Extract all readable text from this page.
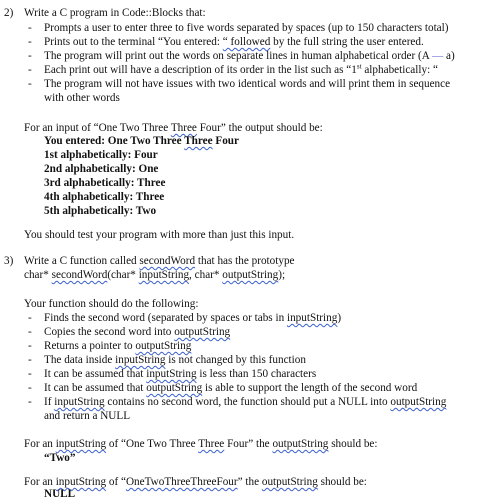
2) Write a C program in Code::Blocks that:
- Prompts a user to enter three to five words separated by spaces (up to 150 characters total)
- Prints out to the terminal “You entered: “ followed by the full string the user entered.
- The program will print out the words on separate lines in human alphabetical order (A — a)
- Each print out will have a description of its order in the list such as “1st alphabetically: “
- The program will not have issues with two identical words and will print them in sequence
with other words
For an input of “One Two Three Three Four” the output should be:
You entered: One Two Three Three Four
1st alphabetically: Four
2nd alphabetically: One
3rd alphabetically: Three
4th alphabetically: Three
5th alphabetically: Two
You should test your program with more than just this input.
3) Write a C function called secondWord that has the prototype
char* secondWord(char* inputString, char* outputString);
Your function should do the following:
- Finds the second word (separated by spaces or tabs in inputString)
- Copies the second word into outputString
- Returns a pointer to outputString
- The data inside inputString is not changed by this function
- It can be assumed that inputString is less than 150 characters
- It can be assumed that outputString is able to support the length of the second word
- If inputString contains no second word, the function should put a NULL into outputString
and return a NULL
For an inputString of “One Two Three Three Four” the outputString should be:
“Two”
For an inputString of “OneTwoThreeThreeFour” the outputString should be:
NULL
